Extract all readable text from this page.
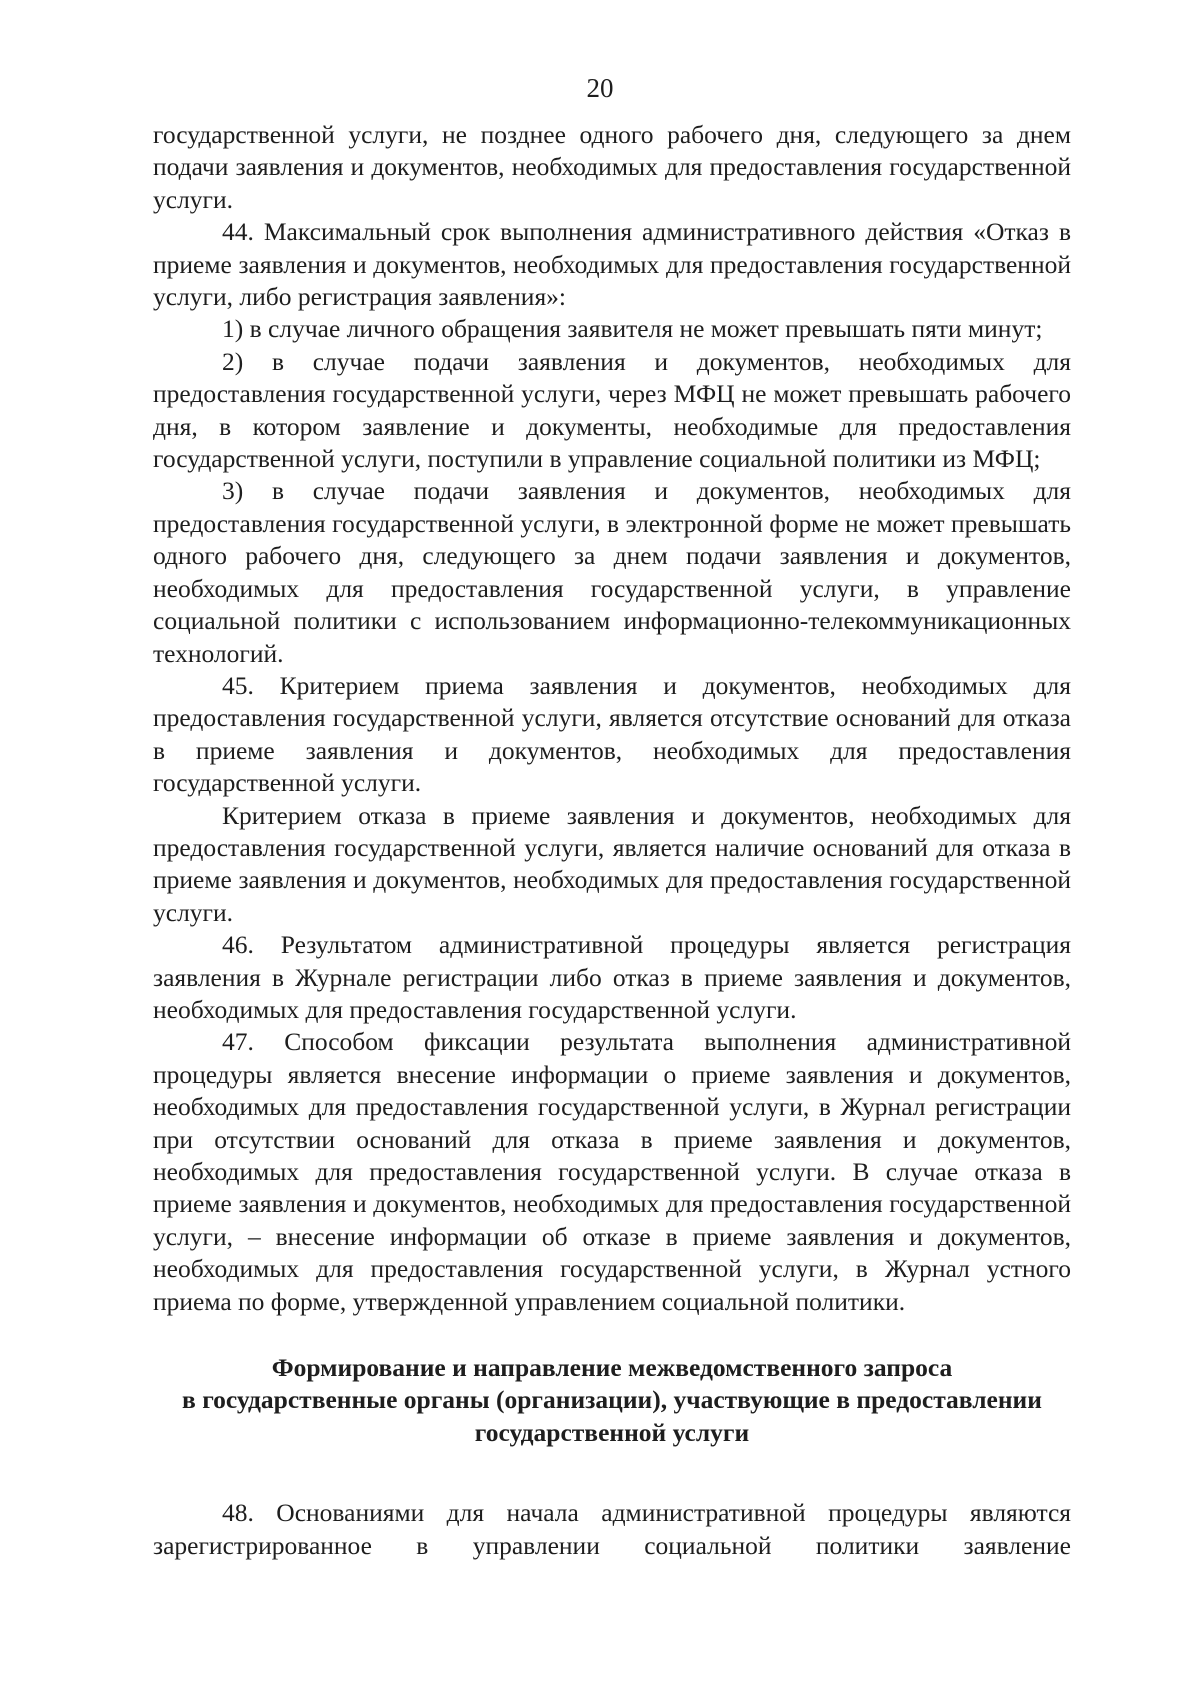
20

государственной услуги, не позднее одного рабочего дня, следующего за днем подачи заявления и документов, необходимых для предоставления государственной услуги.

44. Максимальный срок выполнения административного действия «Отказ в приеме заявления и документов, необходимых для предоставления государственной услуги, либо регистрация заявления»:

1) в случае личного обращения заявителя не может превышать пяти минут;

2) в случае подачи заявления и документов, необходимых для предоставления государственной услуги, через МФЦ не может превышать рабочего дня, в котором заявление и документы, необходимые для предоставления государственной услуги, поступили в управление социальной политики из МФЦ;

3) в случае подачи заявления и документов, необходимых для предоставления государственной услуги, в электронной форме не может превышать одного рабочего дня, следующего за днем подачи заявления и документов, необходимых для предоставления государственной услуги, в управление социальной политики с использованием информационно-телекоммуникационных технологий.

45. Критерием приема заявления и документов, необходимых для предоставления государственной услуги, является отсутствие оснований для отказа в приеме заявления и документов, необходимых для предоставления государственной услуги.

Критерием отказа в приеме заявления и документов, необходимых для предоставления государственной услуги, является наличие оснований для отказа в приеме заявления и документов, необходимых для предоставления государственной услуги.

46. Результатом административной процедуры является регистрация заявления в Журнале регистрации либо отказ в приеме заявления и документов, необходимых для предоставления государственной услуги.

47. Способом фиксации результата выполнения административной процедуры является внесение информации о приеме заявления и документов, необходимых для предоставления государственной услуги, в Журнал регистрации при отсутствии оснований для отказа в приеме заявления и документов, необходимых для предоставления государственной услуги. В случае отказа в приеме заявления и документов, необходимых для предоставления государственной услуги, – внесение информации об отказе в приеме заявления и документов, необходимых для предоставления государственной услуги, в Журнал устного приема по форме, утвержденной управлением социальной политики.

Формирование и направление межведомственного запроса
в государственные органы (организации), участвующие в предоставлении
государственной услуги

48. Основаниями для начала административной процедуры являются зарегистрированное в управлении социальной политики заявление
